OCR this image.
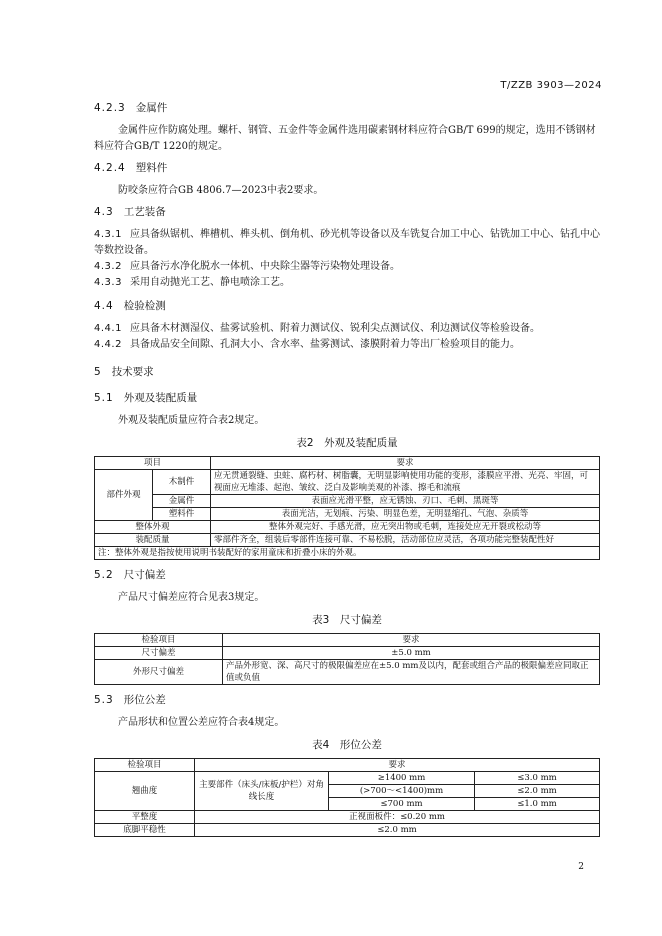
T/ZZB 3903—2024
4.2.3 金属件
金属件应作防腐处理。螺杆、钢管、五金件等金属件选用碳素钢材料应符合GB/T 699的规定，选用不锈钢材料应符合GB/T 1220的规定。
4.2.4 塑料件
防咬条应符合GB 4806.7—2023中表2要求。
4.3 工艺装备
4.3.1 应具备纵锯机、榫槽机、榫头机、倒角机、砂光机等设备以及车铣复合加工中心、钻铣加工中心、钻孔中心等数控设备。
4.3.2 应具备污水净化脱水一体机、中央除尘器等污染物处理设备。
4.3.3 采用自动抛光工艺、静电喷涂工艺。
4.4 检验检测
4.4.1 应具备木材测湿仪、盐雾试验机、附着力测试仪、锐利尖点测试仪、利边测试仪等检验设备。
4.4.2 具备成品安全间隙、孔洞大小、含水率、盐雾测试、漆膜附着力等出厂检验项目的能力。
5 技术要求
5.1 外观及装配质量
外观及装配质量应符合表2规定。
表2　外观及装配质量
项目		要求
部件外观	木制件	应无贯通裂缝、虫蛀、腐朽材、树脂囊，无明显影响使用功能的变形，漆膜应平滑、光亮、牢固，可视面应无堆漆、起泡、皱纹、泛白及影响美观的补漆、擦毛和流痕
	金属件	表面应光滑平整，应无锈蚀、刃口、毛刺、黑斑等
	塑料件	表面光洁，无划痕、污染、明显色差，无明显缩孔、气泡、杂质等
整体外观		整体外观完好、手感光滑，应无突出物或毛刺，连接处应无开裂或松动等
装配质量		零部件齐全，组装后零部件连接可靠、不易松脱，活动部位应灵活，各项功能完整装配性好
注：整体外观是指按使用说明书装配好的家用童床和折叠小床的外观。		
5.2 尺寸偏差
产品尺寸偏差应符合见表3规定。
表3　尺寸偏差
检验项目	要求
尺寸偏差	±5.0 mm
外形尺寸偏差	产品外形宽、深、高尺寸的极限偏差应在±5.0 mm及以内，配套或组合产品的极限偏差应同取正值或负值
5.3 形位公差
产品形状和位置公差应符合表4规定。
表4　形位公差
检验项目	要求		
翘曲度	主要部件（床头/床板/护栏）对角线长度	≥1400 mm	≤3.0 mm
		(>700～<1400)mm	≤2.0 mm
		≤700 mm	≤1.0 mm
平整度	正视面板件：≤0.20 mm		
底脚平稳性	≤2.0 mm		
2
